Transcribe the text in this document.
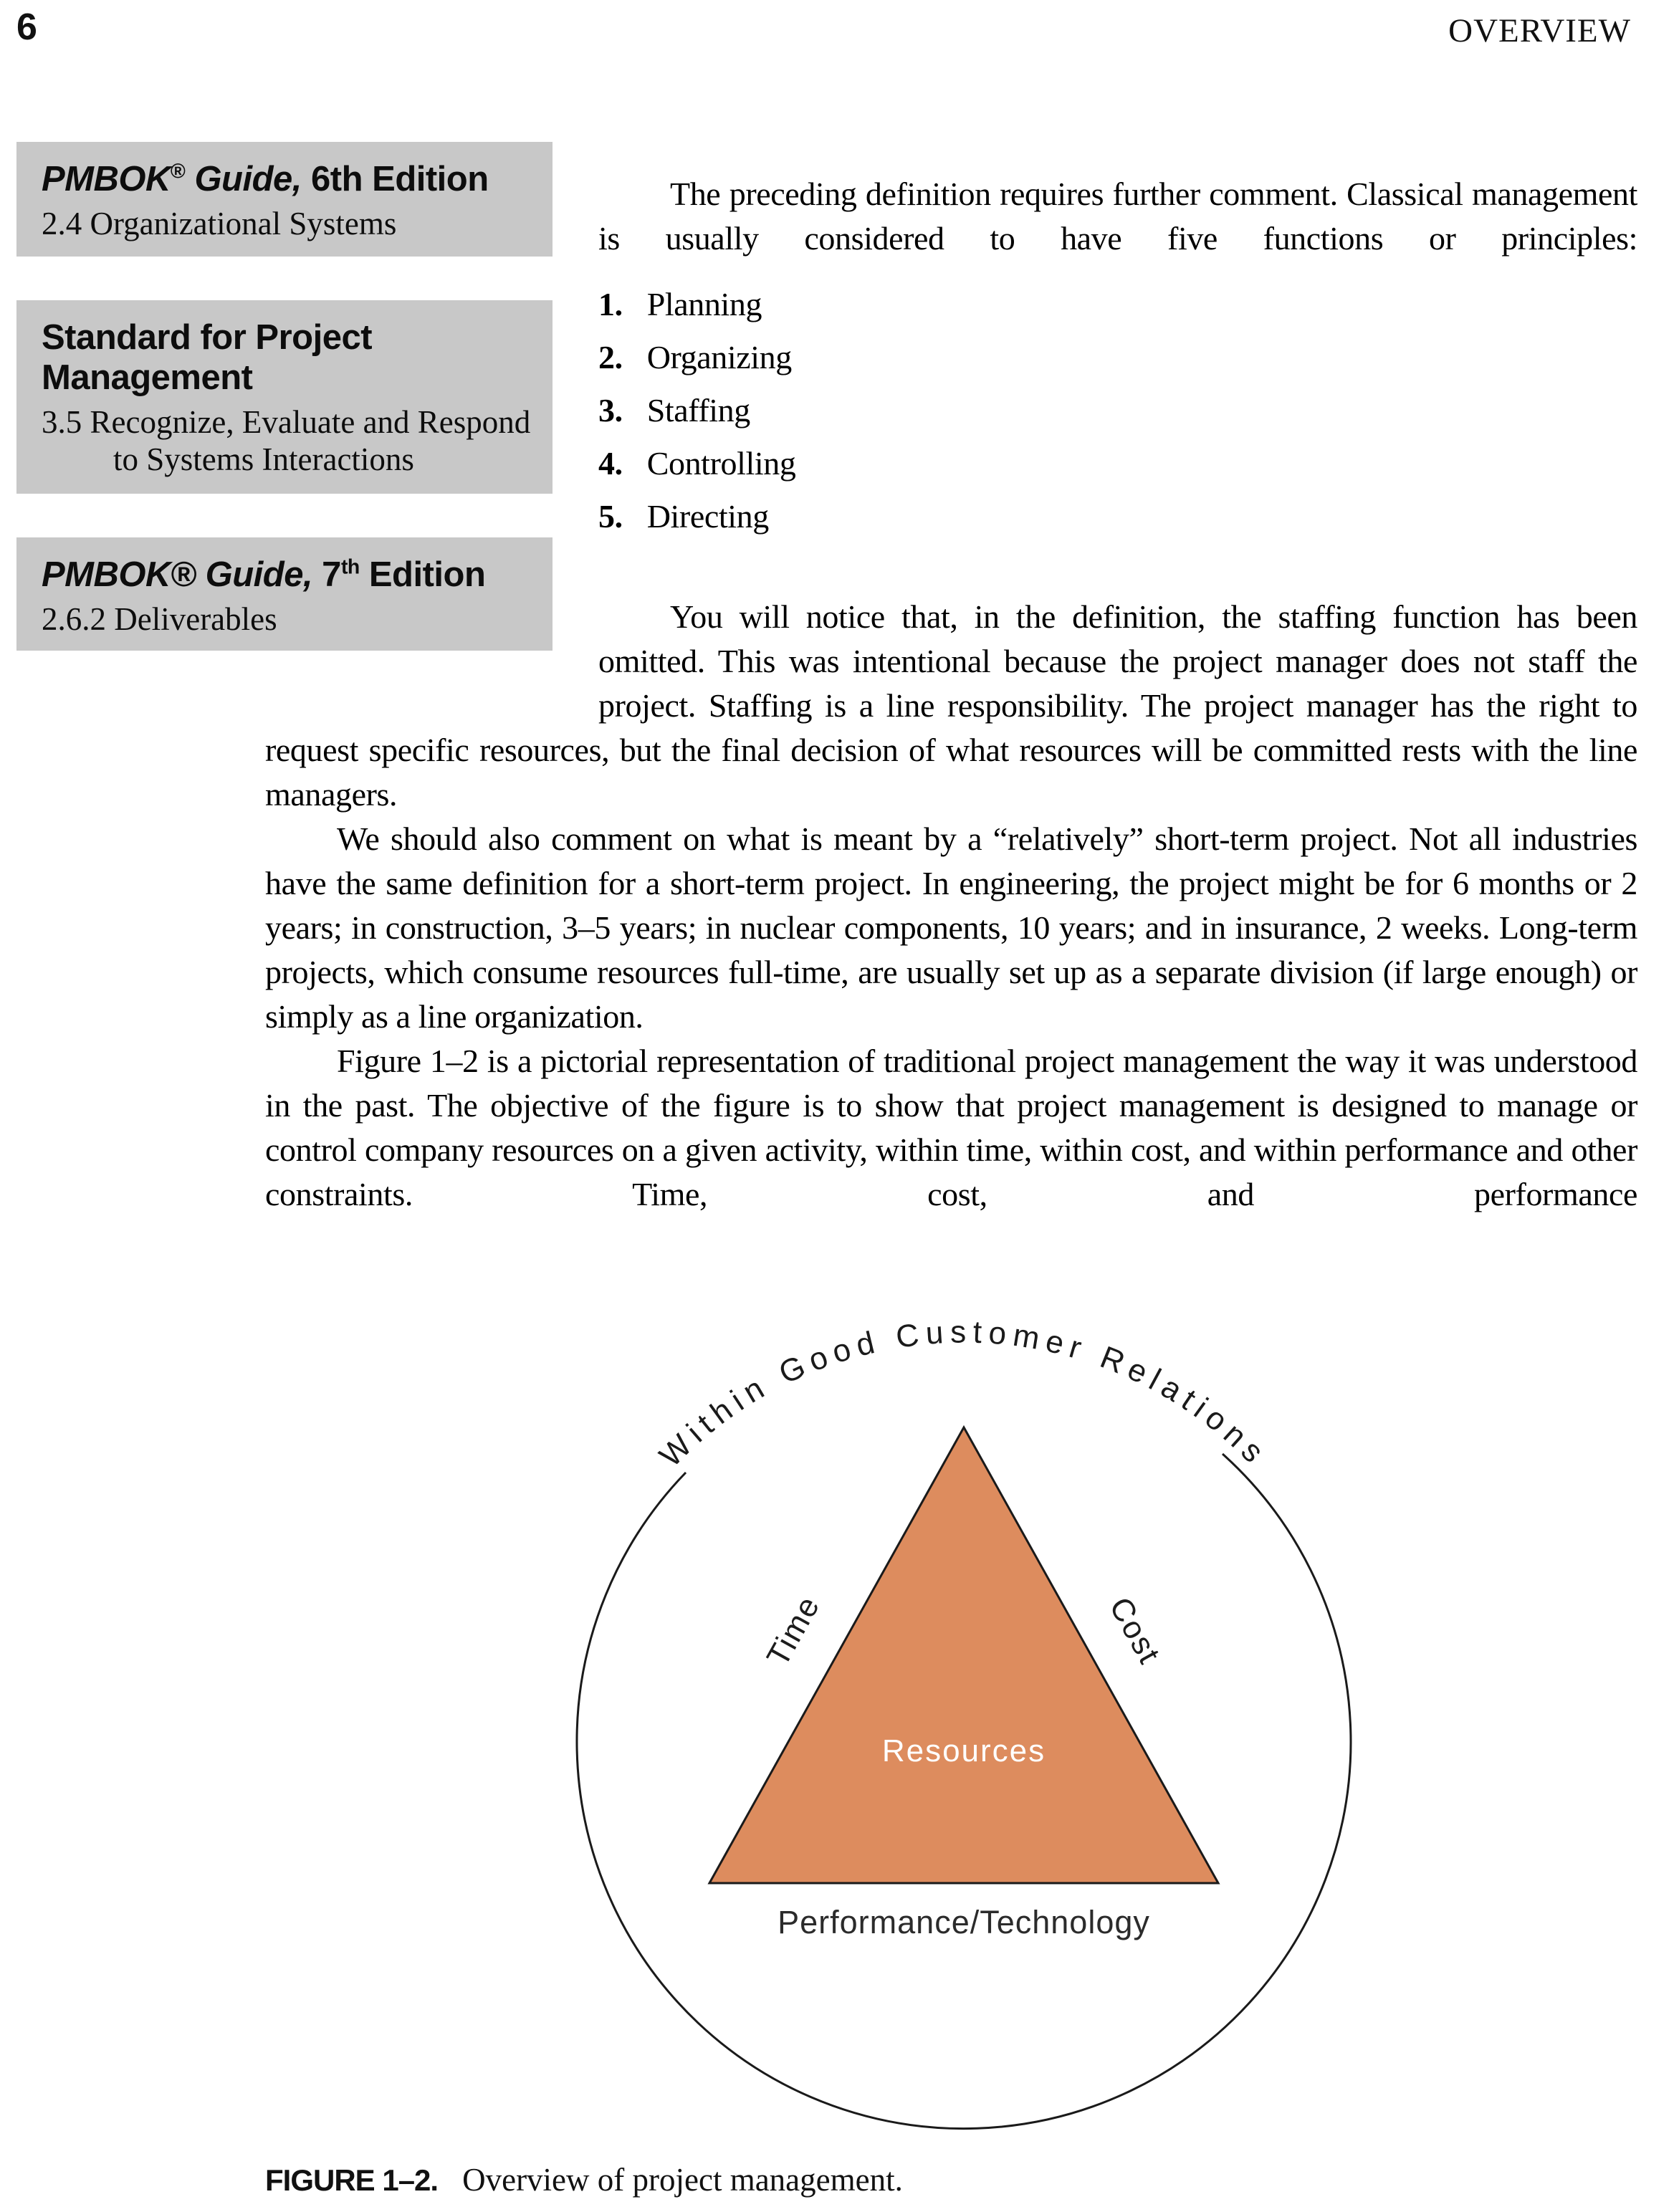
6	OVERVIEW
PMBOK® Guide, 6th Edition
2.4 Organizational Systems
Standard for Project Management
3.5 Recognize, Evaluate and Respond
to Systems Interactions
PMBOK® Guide, 7th Edition
2.6.2 Deliverables

The preceding definition requires further comment. Classical management is usually considered to have five functions or principles:

1. Planning
2. Organizing
3. Staffing
4. Controlling
5. Directing

You will notice that, in the definition, the staffing function has been omitted. This was intentional because the project manager does not staff the project. Staffing is a line responsibility. The project manager has the right to request specific resources, but the final decision of what resources will be committed rests with the line managers.

We should also comment on what is meant by a “relatively” short-term project. Not all industries have the same definition for a short-term project. In engineering, the project might be for 6 months or 2 years; in construction, 3–5 years; in nuclear components, 10 years; and in insurance, 2 weeks. Long-term projects, which consume resources full-time, are usually set up as a separate division (if large enough) or simply as a line organization.

Figure 1–2 is a pictorial representation of traditional project management the way it was understood in the past. The objective of the figure is to show that project management is designed to manage or control company resources on a given activity, within time, within cost, and within performance and other constraints. Time, cost, and performance

Within Good Customer Relations
Time	Cost
Resources
Performance/Technology
FIGURE 1–2. Overview of project management.
